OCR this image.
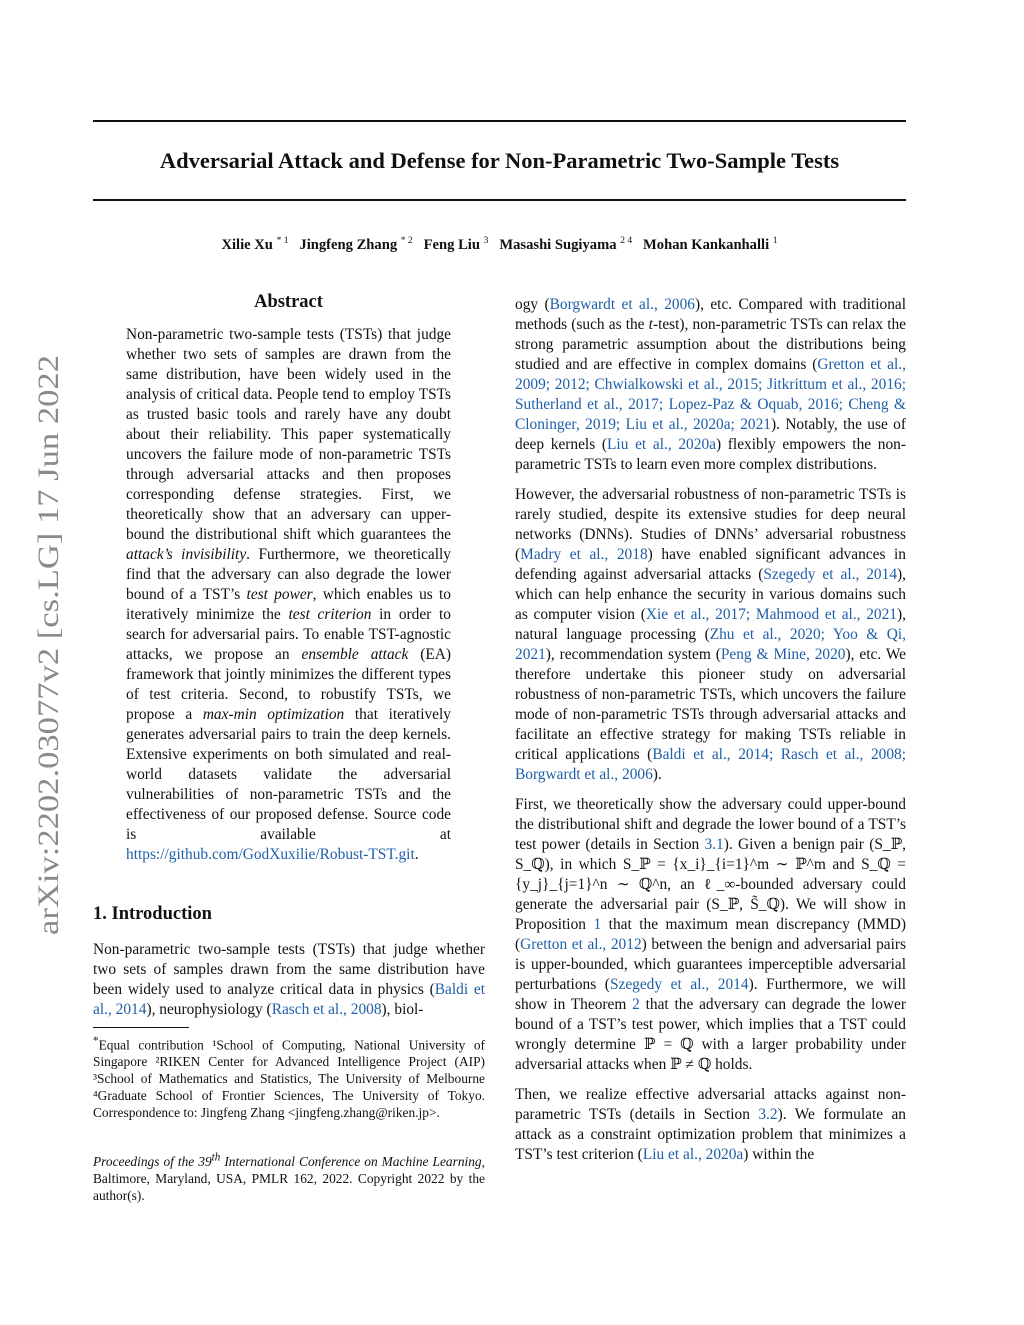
arXiv:2202.03077v2 [cs.LG] 17 Jun 2022
Adversarial Attack and Defense for Non-Parametric Two-Sample Tests
Xilie Xu $^{* 1}$ Jingfeng Zhang $^{* 2}$ Feng Liu $^3$ Masashi Sugiyama $^{2 4}$ Mohan Kankanhalli $^1$
Abstract

Non-parametric two-sample tests (TSTs) that judge whether two sets of samples are drawn from the same distribution, have been widely used in the analysis of critical data. People tend to employ TSTs as trusted basic tools and rarely have any doubt about their reliability. This paper systematically uncovers the failure mode of non-parametric TSTs through adversarial attacks and then proposes corresponding defense strategies. First, we theoretically show that an adversary can upper-bound the distributional shift which guarantees the attack’s invisibility. Furthermore, we theoretically find that the adversary can also degrade the lower bound of a TST’s test power, which enables us to iteratively minimize the test criterion in order to search for adversarial pairs. To enable TST-agnostic attacks, we propose an ensemble attack (EA) framework that jointly minimizes the different types of test criteria. Second, to robustify TSTs, we propose a max-min optimization that iteratively generates adversarial pairs to train the deep kernels. Extensive experiments on both simulated and real-world datasets validate the adversarial vulnerabilities of non-parametric TSTs and the effectiveness of our proposed defense. Source code is available at https://github.com/GodXuxilie/Robust-TST.git.

1. Introduction

Non-parametric two-sample tests (TSTs) that judge whether two sets of samples drawn from the same distribution have been widely used to analyze critical data in physics (Baldi et al., 2014), neurophysiology (Rasch et al., 2008), biol-

*Equal contribution ¹School of Computing, National University of Singapore ²RIKEN Center for Advanced Intelligence Project (AIP) ³School of Mathematics and Statistics, The University of Melbourne ⁴Graduate School of Frontier Sciences, The University of Tokyo. Correspondence to: Jingfeng Zhang <jingfeng.zhang@riken.jp>.

Proceedings of the 39th International Conference on Machine Learning, Baltimore, Maryland, USA, PMLR 162, 2022. Copyright 2022 by the author(s).

ogy (Borgwardt et al., 2006), etc. Compared with traditional methods (such as the t-test), non-parametric TSTs can relax the strong parametric assumption about the distributions being studied and are effective in complex domains (Gretton et al., 2009; 2012; Chwialkowski et al., 2015; Jitkrittum et al., 2016; Sutherland et al., 2017; Lopez-Paz & Oquab, 2016; Cheng & Cloninger, 2019; Liu et al., 2020a; 2021). Notably, the use of deep kernels (Liu et al., 2020a) flexibly empowers the non-parametric TSTs to learn even more complex distributions.

However, the adversarial robustness of non-parametric TSTs is rarely studied, despite its extensive studies for deep neural networks (DNNs). Studies of DNNs’ adversarial robustness (Madry et al., 2018) have enabled significant advances in defending against adversarial attacks (Szegedy et al., 2014), which can help enhance the security in various domains such as computer vision (Xie et al., 2017; Mahmood et al., 2021), natural language processing (Zhu et al., 2020; Yoo & Qi, 2021), recommendation system (Peng & Mine, 2020), etc. We therefore undertake this pioneer study on adversarial robustness of non-parametric TSTs, which uncovers the failure mode of non-parametric TSTs through adversarial attacks and facilitate an effective strategy for making TSTs reliable in critical applications (Baldi et al., 2014; Rasch et al., 2008; Borgwardt et al., 2006).

First, we theoretically show the adversary could upper-bound the distributional shift and degrade the lower bound of a TST’s test power (details in Section 3.1). Given a benign pair (S_ℙ, S_ℚ), in which S_ℙ = {x_i}_{i=1}^m ∼ ℙ^m and S_ℚ = {y_j}_{j=1}^n ∼ ℚ^n, an ℓ_∞-bounded adversary could generate the adversarial pair (S_ℙ, S̃_ℚ). We will show in Proposition 1 that the maximum mean discrepancy (MMD) (Gretton et al., 2012) between the benign and adversarial pairs is upper-bounded, which guarantees imperceptible adversarial perturbations (Szegedy et al., 2014). Furthermore, we will show in Theorem 2 that the adversary can degrade the lower bound of a TST’s test power, which implies that a TST could wrongly determine ℙ = ℚ with a larger probability under adversarial attacks when ℙ ≠ ℚ holds.

Then, we realize effective adversarial attacks against non-parametric TSTs (details in Section 3.2). We formulate an attack as a constraint optimization problem that minimizes a TST’s test criterion (Liu et al., 2020a) within the
